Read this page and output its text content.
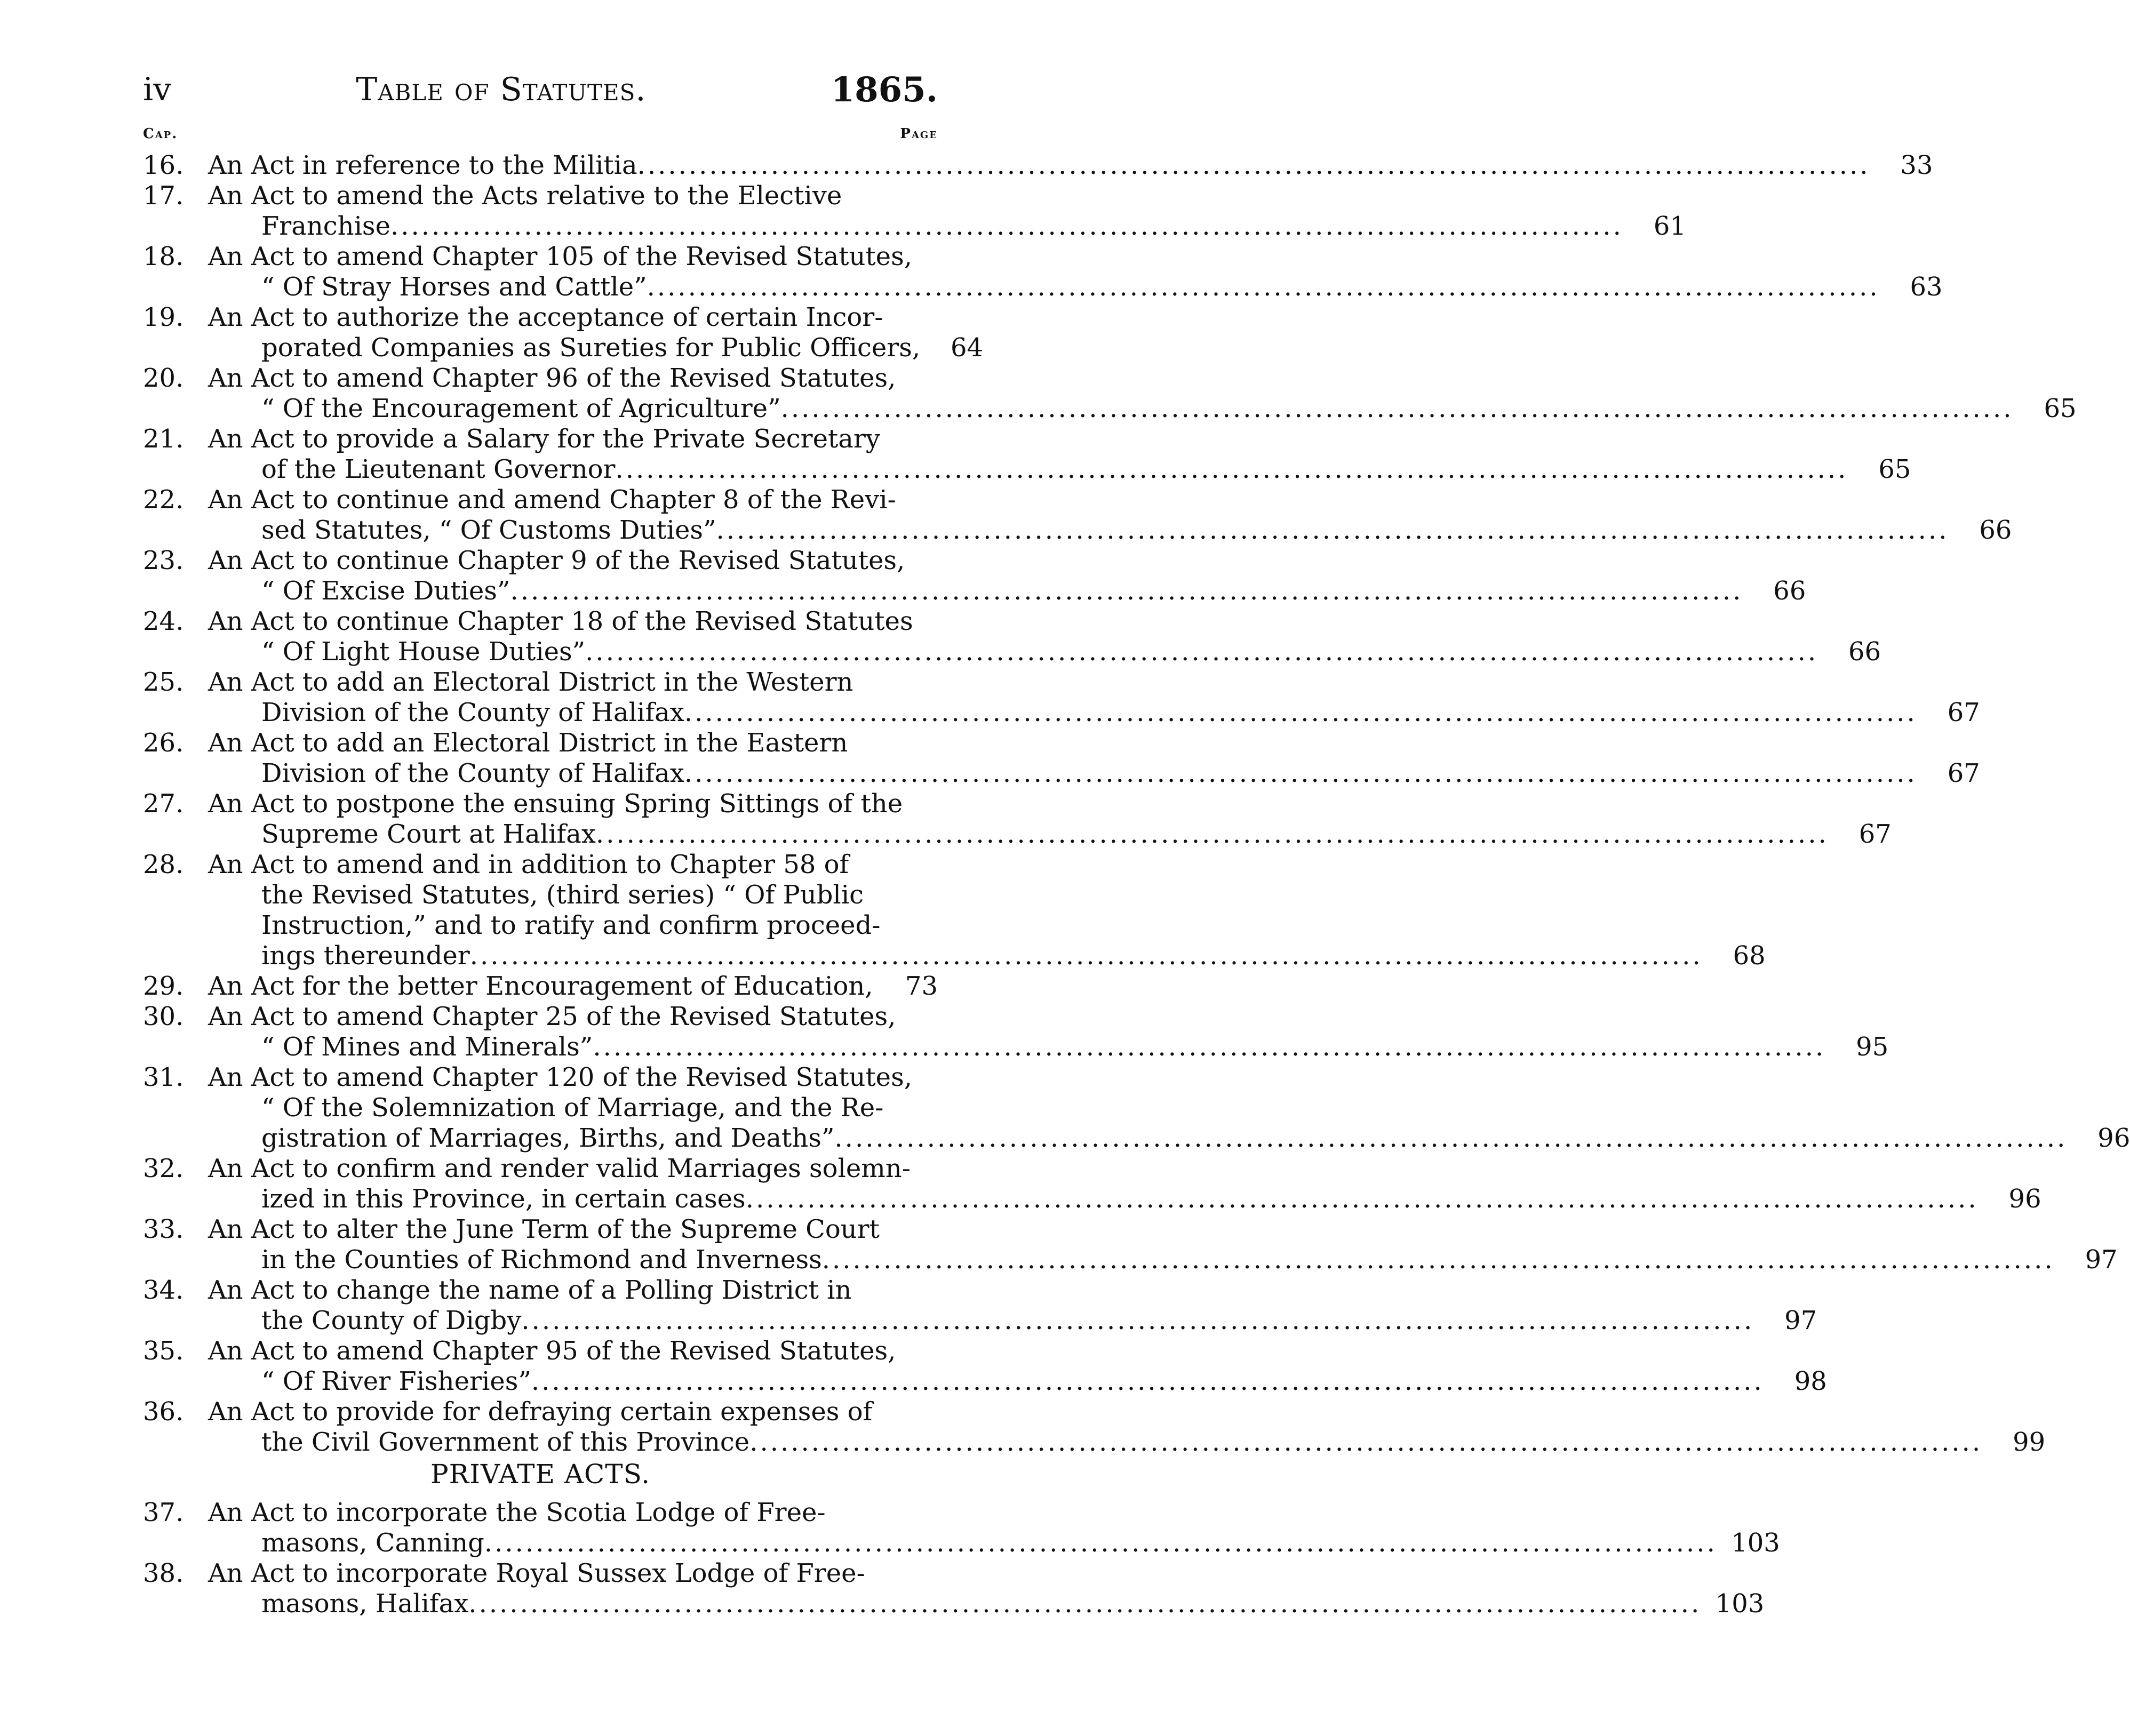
iv	Table of Statutes.	1865.
Cap.	Page
16. An Act in reference to the Militia ........................................................................................................................	33
17. An Act to amend the Acts relative to the Elective
Franchise ........................................................................................................................	61
18. An Act to amend Chapter 105 of the Revised Statutes,
“ Of Stray Horses and Cattle” ........................................................................................................................	63
19. An Act to authorize the acceptance of certain Incor-
porated Companies as Sureties for Public Officers,	64
20. An Act to amend Chapter 96 of the Revised Statutes,
“ Of the Encouragement of Agriculture” ........................................................................................................................	65
21. An Act to provide a Salary for the Private Secretary
of the Lieutenant Governor ........................................................................................................................	65
22. An Act to continue and amend Chapter 8 of the Revi-
sed Statutes, “ Of Customs Duties” ........................................................................................................................	66
23. An Act to continue Chapter 9 of the Revised Statutes,
“ Of Excise Duties” ........................................................................................................................	66
24. An Act to continue Chapter 18 of the Revised Statutes
“ Of Light House Duties” ........................................................................................................................	66
25. An Act to add an Electoral District in the Western
Division of the County of Halifax ........................................................................................................................	67
26. An Act to add an Electoral District in the Eastern
Division of the County of Halifax ........................................................................................................................	67
27. An Act to postpone the ensuing Spring Sittings of the
Supreme Court at Halifax ........................................................................................................................	67
28. An Act to amend and in addition to Chapter 58 of
the Revised Statutes, (third series) “ Of Public
Instruction,” and to ratify and confirm proceed-
ings thereunder ........................................................................................................................	68
29. An Act for the better Encouragement of Education,	73
30. An Act to amend Chapter 25 of the Revised Statutes,
“ Of Mines and Minerals” ........................................................................................................................	95
31. An Act to amend Chapter 120 of the Revised Statutes,
“ Of the Solemnization of Marriage, and the Re-
gistration of Marriages, Births, and Deaths” ........................................................................................................................	96
32. An Act to confirm and render valid Marriages solemn-
ized in this Province, in certain cases ........................................................................................................................	96
33. An Act to alter the June Term of the Supreme Court
in the Counties of Richmond and Inverness ........................................................................................................................	97
34. An Act to change the name of a Polling District in
the County of Digby ........................................................................................................................	97
35. An Act to amend Chapter 95 of the Revised Statutes,
“ Of River Fisheries” ........................................................................................................................	98
36. An Act to provide for defraying certain expenses of
the Civil Government of this Province ........................................................................................................................	99
PRIVATE ACTS.
37. An Act to incorporate the Scotia Lodge of Free-
masons, Canning ........................................................................................................................ 103
38. An Act to incorporate Royal Sussex Lodge of Free-
masons, Halifax ........................................................................................................................ 103
